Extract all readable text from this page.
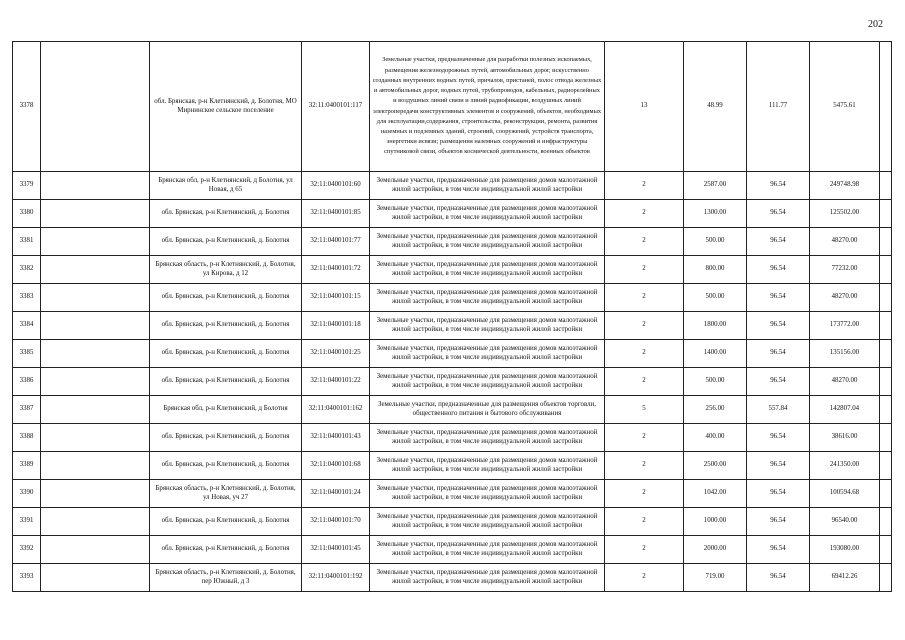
202
3378		обл. Брянская, р-н Клетнянский, д. Болотня, МО Мирнинское сельское поселение	32:11:0400101:117	Земельные участки, предназначенные для разработки полезных ископаемых, размещения железнодорожных путей, автомобильных дорог, искусственно созданных внутренних водных путей, причалов, пристаней, полос отвода железных и автомобильных дорог, водных путей, трубопроводов, кабельных, радиорелейных и воздушных линий связи и линий радиофикации, воздушных линий электропередачи конструктивных элементов и сооружений, объектов, необходимых для эксплуатации,содержания, строительства, реконструкции, ремонта, развития наземных и подземных зданий, строений, сооружений, устройств транспорта, энергетики исвязи; размещения наземных сооружений и инфраструктуры спутниковой связи, объектов космической деятельности, военных объектов	13	48.99	111.77	5475.61	
3379		Брянская обл, р-н Клетнянский, д Болотня, ул Новая, д 65	32:11:0400101:60	Земельные участки, предназначенные для размещения домов малоэтажной жилой застройки, в том числе индивидуальной жилой застройки	2	2587.00	96.54	249748.98	
3380		обл. Брянская, р-н Клетнянский, д. Болотня	32:11:0400101:85	Земельные участки, предназначенные для размещения домов малоэтажной жилой застройки, в том числе индивидуальной жилой застройки	2	1300.00	96.54	125502.00	
3381		обл. Брянская, р-н Клетнянский, д. Болотня	32:11:0400101:77	Земельные участки, предназначенные для размещения домов малоэтажной жилой застройки, в том числе индивидуальной жилой застройки	2	500.00	96.54	48270.00	
3382		Брянская область, р-н Клетнянский, д. Болотня, ул Кирова, д 12	32:11:0400101:72	Земельные участки, предназначенные для размещения домов малоэтажной жилой застройки, в том числе индивидуальной жилой застройки	2	800.00	96.54	77232.00	
3383		обл. Брянская, р-н Клетнянский, д. Болотня	32:11:0400101:15	Земельные участки, предназначенные для размещения домов малоэтажной жилой застройки, в том числе индивидуальной жилой застройки	2	500.00	96.54	48270.00	
3384		обл. Брянская, р-н Клетнянский, д. Болотня	32:11:0400101:18	Земельные участки, предназначенные для размещения домов малоэтажной жилой застройки, в том числе индивидуальной жилой застройки	2	1800.00	96.54	173772.00	
3385		обл. Брянская, р-н Клетнянский, д. Болотня	32:11:0400101:25	Земельные участки, предназначенные для размещения домов малоэтажной жилой застройки, в том числе индивидуальной жилой застройки	2	1400.00	96.54	135156.00	
3386		обл. Брянская, р-н Клетнянский, д. Болотня	32:11:0400101:22	Земельные участки, предназначенные для размещения домов малоэтажной жилой застройки, в том числе индивидуальной жилой застройки	2	500.00	96.54	48270.00	
3387		Брянская обл, р-н Клетнянский, д Болотня	32:11:0400101:162	Земельные участки, предназначенные для размещения объектов торговли, общественного питания и бытового обслуживания	5	256.00	557.84	142807.04	
3388		обл. Брянская, р-н Клетнянский, д. Болотня	32:11:0400101:43	Земельные участки, предназначенные для размещения домов малоэтажной жилой застройки, в том числе индивидуальной жилой застройки	2	400.00	96.54	38616.00	
3389		обл. Брянская, р-н Клетнянский, д. Болотня	32:11:0400101:68	Земельные участки, предназначенные для размещения домов малоэтажной жилой застройки, в том числе индивидуальной жилой застройки	2	2500.00	96.54	241350.00	
3390		Брянская область, р-н Клетнянский, д. Болотня, ул Новая, уч 27	32:11:0400101:24	Земельные участки, предназначенные для размещения домов малоэтажной жилой застройки, в том числе индивидуальной жилой застройки	2	1042.00	96.54	100594.68	
3391		обл. Брянская, р-н Клетнянский, д. Болотня	32:11:0400101:70	Земельные участки, предназначенные для размещения домов малоэтажной жилой застройки, в том числе индивидуальной жилой застройки	2	1000.00	96.54	96540.00	
3392		обл. Брянская, р-н Клетнянский, д. Болотня	32:11:0400101:45	Земельные участки, предназначенные для размещения домов малоэтажной жилой застройки, в том числе индивидуальной жилой застройки	2	2000.00	96.54	193080.00	
3393		Брянская область, р-н Клетнянский, д. Болотня, пер Южный, д 3	32:11:0400101:192	Земельные участки, предназначенные для размещения домов малоэтажной жилой застройки, в том числе индивидуальной жилой застройки	2	719.00	96.54	69412.26	
